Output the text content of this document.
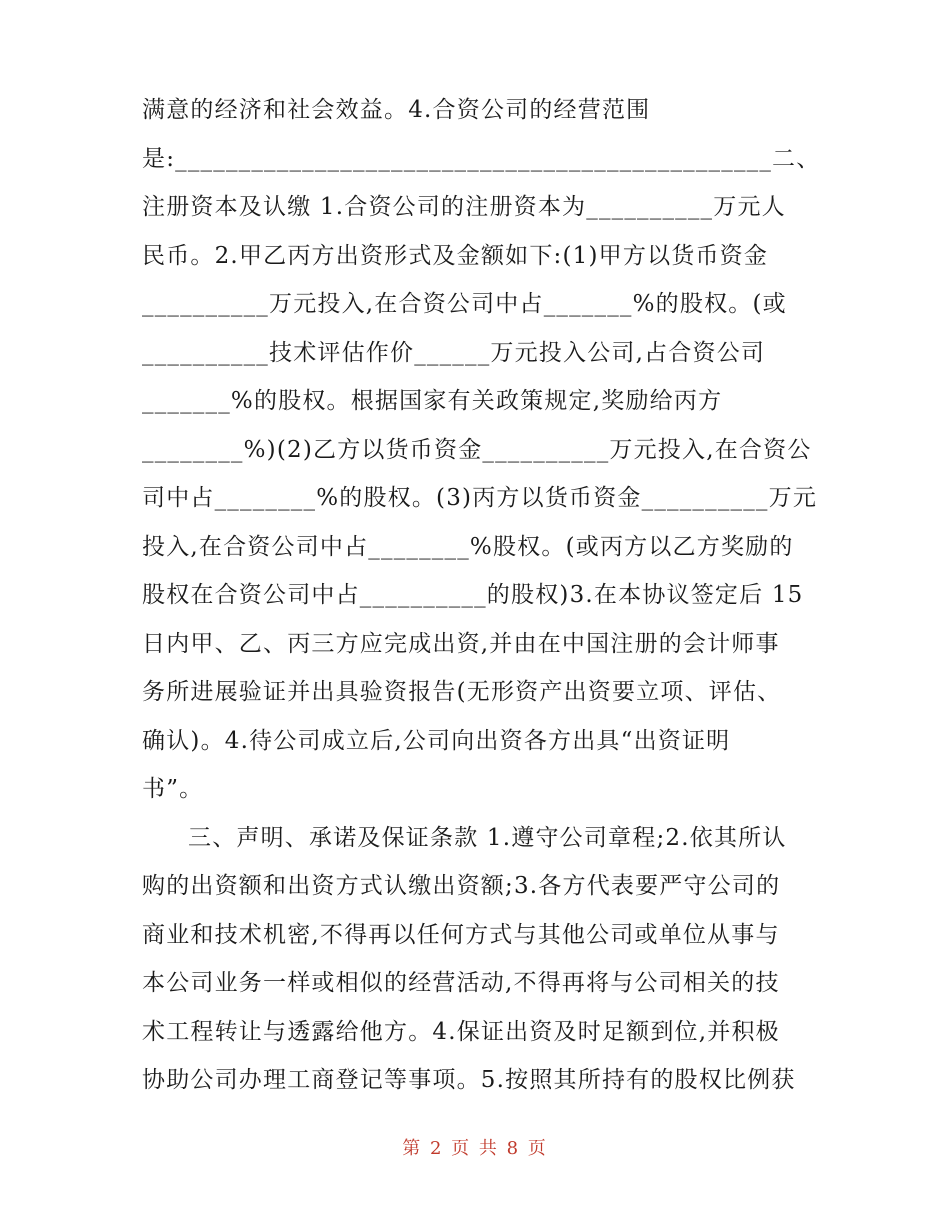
满意的经济和社会效益。4.合资公司的经营范围
是:_______________________________________________二、
注册资本及认缴 1.合资公司的注册资本为__________万元人
民币。2.甲乙丙方出资形式及金额如下:(1)甲方以货币资金
__________万元投入,在合资公司中占_______%的股权。(或
__________技术评估作价______万元投入公司,占合资公司
_______%的股权。根据国家有关政策规定,奖励给丙方
________%)(2)乙方以货币资金__________万元投入,在合资公
司中占________%的股权。(3)丙方以货币资金__________万元
投入,在合资公司中占________%股权。(或丙方以乙方奖励的
股权在合资公司中占__________的股权)3.在本协议签定后 15
日内甲、乙、丙三方应完成出资,并由在中国注册的会计师事
务所进展验证并出具验资报告(无形资产出资要立项、评估、
确认)。4.待公司成立后,公司向出资各方出具“出资证明
书”。
三、声明、承诺及保证条款 1.遵守公司章程;2.依其所认
购的出资额和出资方式认缴出资额;3.各方代表要严守公司的
商业和技术机密,不得再以任何方式与其他公司或单位从事与
本公司业务一样或相似的经营活动,不得再将与公司相关的技
术工程转让与透露给他方。4.保证出资及时足额到位,并积极
协助公司办理工商登记等事项。5.按照其所持有的股权比例获
第 2 页 共 8 页
